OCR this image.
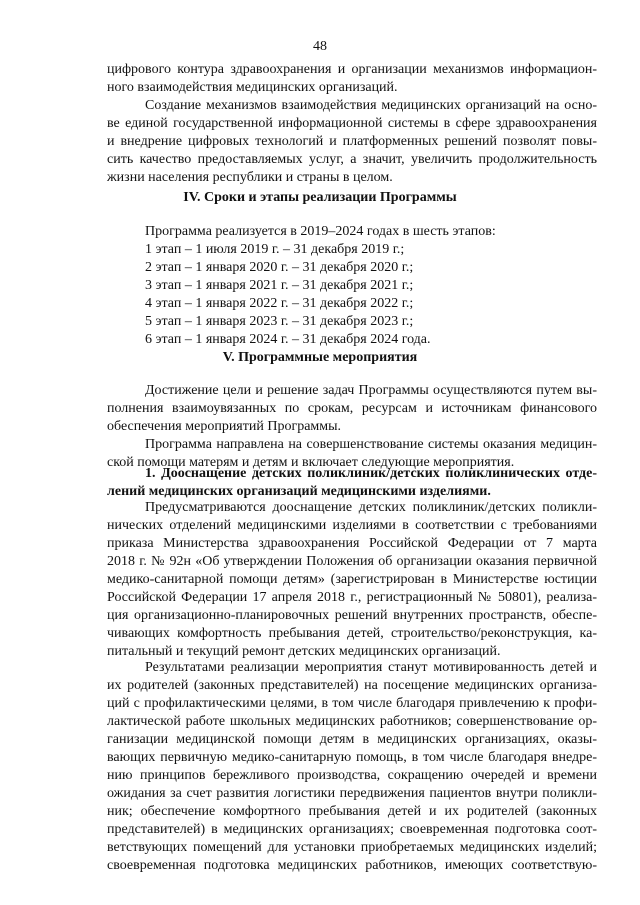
48

цифрового контура здравоохранения и организации механизмов информацион-

ного взаимодействия медицинских организаций.

Создание механизмов взаимодействия медицинских организаций на осно-

ве единой государственной информационной системы в сфере здравоохранения

и внедрение цифровых технологий и платформенных решений позволят повы-

сить качество предоставляемых услуг, а значит, увеличить продолжительность

жизни населения республики и страны в целом.

IV. Сроки и этапы реализации Программы
Программа реализуется в 2019–2024 годах в шесть этапов:
1 этап – 1 июля 2019 г. – 31 декабря 2019 г.;
2 этап – 1 января 2020 г. – 31 декабря 2020 г.;
3 этап – 1 января 2021 г. – 31 декабря 2021 г.;
4 этап – 1 января 2022 г. – 31 декабря 2022 г.;
5 этап – 1 января 2023 г. – 31 декабря 2023 г.;
6 этап – 1 января 2024 г. – 31 декабря 2024 года.
V. Программные мероприятия

Достижение цели и решение задач Программы осуществляются путем вы-

полнения взаимоувязанных по срокам, ресурсам и источникам финансового

обеспечения мероприятий Программы.

Программа направлена на совершенствование системы оказания медицин-

ской помощи матерям и детям и включает следующие мероприятия.

1. Дооснащение детских поликлиник/детских поликлинических отде-

лений медицинских организаций медицинскими изделиями.

Предусматриваются дооснащение детских поликлиник/детских поликли-

нических отделений медицинскими изделиями в соответствии с требованиями

приказа Министерства здравоохранения Российской Федерации от 7 марта

2018 г. № 92н «Об утверждении Положения об организации оказания первичной

медико-санитарной помощи детям» (зарегистрирован в Министерстве юстиции

Российской Федерации 17 апреля 2018 г., регистрационный № 50801), реализа-

ция организационно-планировочных решений внутренних пространств, обеспе-

чивающих комфортность пребывания детей, строительство/реконструкция, ка-

питальный и текущий ремонт детских медицинских организаций.

Результатами реализации мероприятия станут мотивированность детей и

их родителей (законных представителей) на посещение медицинских организа-

ций с профилактическими целями, в том числе благодаря привлечению к профи-

лактической работе школьных медицинских работников; совершенствование ор-

ганизации медицинской помощи детям в медицинских организациях, оказы-

вающих первичную медико-санитарную помощь, в том числе благодаря внедре-

нию принципов бережливого производства, сокращению очередей и времени

ожидания за счет развития логистики передвижения пациентов внутри поликли-

ник; обеспечение комфортного пребывания детей и их родителей (законных

представителей) в медицинских организациях; своевременная подготовка соот-

ветствующих помещений для установки приобретаемых медицинских изделий;

своевременная подготовка медицинских работников, имеющих соответствую-
